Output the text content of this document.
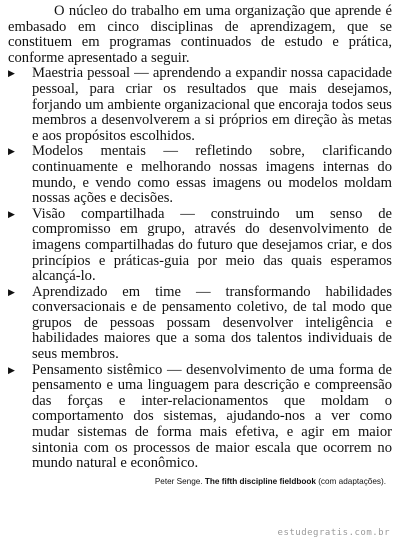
O núcleo do trabalho em uma organização que aprende é embasado em cinco disciplinas de aprendizagem, que se constituem em programas continuados de estudo e prática, conforme apresentado a seguir.

▶ Maestria pessoal — aprendendo a expandir nossa capacidade pessoal, para criar os resultados que mais desejamos, forjando um ambiente organizacional que encoraja todos seus membros a desenvolverem a si próprios em direção às metas e aos propósitos escolhidos.
▶ Modelos mentais — refletindo sobre, clarificando continuamente e melhorando nossas imagens internas do mundo, e vendo como essas imagens ou modelos moldam nossas ações e decisões.
▶ Visão compartilhada — construindo um senso de compromisso em grupo, através do desenvolvimento de imagens compartilhadas do futuro que desejamos criar, e dos princípios e práticas-guia por meio das quais esperamos alcançá-lo.
▶ Aprendizado em time — transformando habilidades conversacionais e de pensamento coletivo, de tal modo que grupos de pessoas possam desenvolver inteligência e habilidades maiores que a soma dos talentos individuais de seus membros.
▶ Pensamento sistêmico — desenvolvimento de uma forma de pensamento e uma linguagem para descrição e compreensão das forças e inter-relacionamentos que moldam o comportamento dos sistemas, ajudando-nos a ver como mudar sistemas de forma mais efetiva, e agir em maior sintonia com os processos de maior escala que ocorrem no mundo natural e econômico.

Peter Senge. The fifth discipline fieldbook (com adaptações).

estudegratis.com.br
